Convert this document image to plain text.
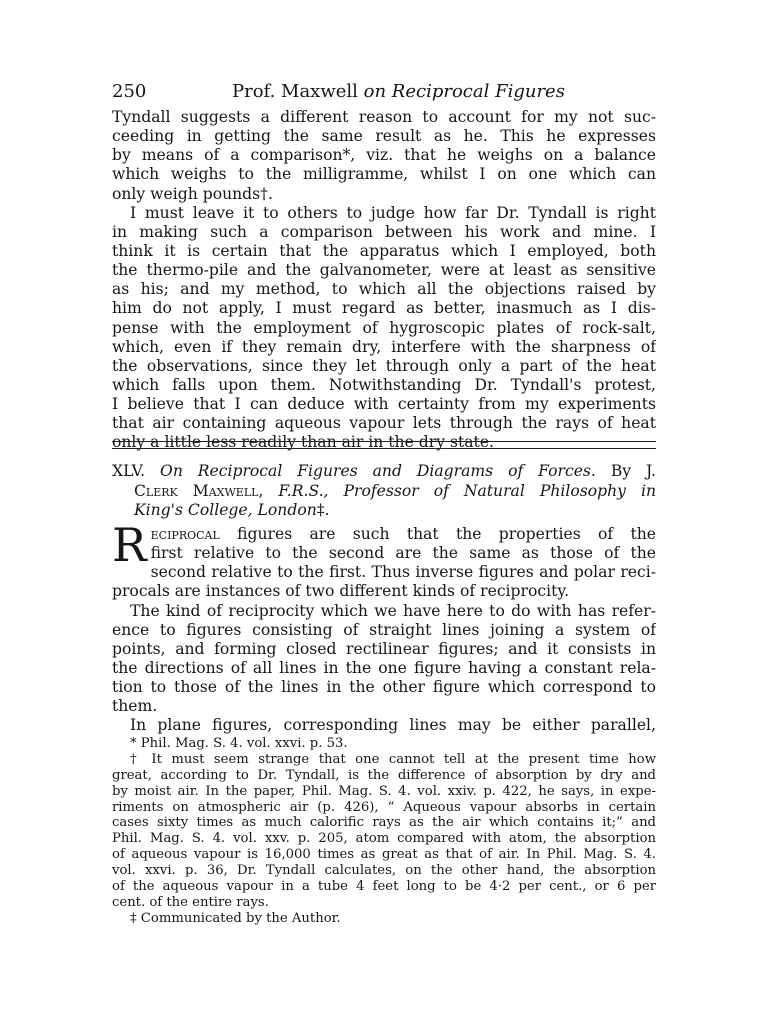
250	Prof. Maxwell on Reciprocal Figures
Tyndall suggests a different reason to account for my not suc-
ceeding in getting the same result as he. This he expresses
by means of a comparison*, viz. that he weighs on a balance
which weighs to the milligramme, whilst I on one which can
only weigh pounds†.
I must leave it to others to judge how far Dr. Tyndall is right
in making such a comparison between his work and mine. I
think it is certain that the apparatus which I employed, both
the thermo-pile and the galvanometer, were at least as sensitive
as his; and my method, to which all the objections raised by
him do not apply, I must regard as better, inasmuch as I dis-
pense with the employment of hygroscopic plates of rock-salt,
which, even if they remain dry, interfere with the sharpness of
the observations, since they let through only a part of the heat
which falls upon them. Notwithstanding Dr. Tyndall's protest,
I believe that I can deduce with certainty from my experiments
that air containing aqueous vapour lets through the rays of heat
only a little less readily than air in the dry state.
XLV. On Reciprocal Figures and Diagrams of Forces. By J.
Clerk Maxwell, F.R.S., Professor of Natural Philosophy in
King's College, London‡.
R eciprocal figures are such that the properties of the
first relative to the second are the same as those of the
second relative to the first. Thus inverse figures and polar reci-
procals are instances of two different kinds of reciprocity.
The kind of reciprocity which we have here to do with has refer-
ence to figures consisting of straight lines joining a system of
points, and forming closed rectilinear figures; and it consists in
the directions of all lines in the one figure having a constant rela-
tion to those of the lines in the other figure which correspond to
them.
In plane figures, corresponding lines may be either parallel,
* Phil. Mag. S. 4. vol. xxvi. p. 53.
† It must seem strange that one cannot tell at the present time how
great, according to Dr. Tyndall, is the difference of absorption by dry and
by moist air. In the paper, Phil. Mag. S. 4. vol. xxiv. p. 422, he says, in expe-
riments on atmospheric air (p. 426), “ Aqueous vapour absorbs in certain
cases sixty times as much calorific rays as the air which contains it;” and
Phil. Mag. S. 4. vol. xxv. p. 205, atom compared with atom, the absorption
of aqueous vapour is 16,000 times as great as that of air. In Phil. Mag. S. 4.
vol. xxvi. p. 36, Dr. Tyndall calculates, on the other hand, the absorption
of the aqueous vapour in a tube 4 feet long to be 4·2 per cent., or 6 per
cent. of the entire rays.
‡ Communicated by the Author.
